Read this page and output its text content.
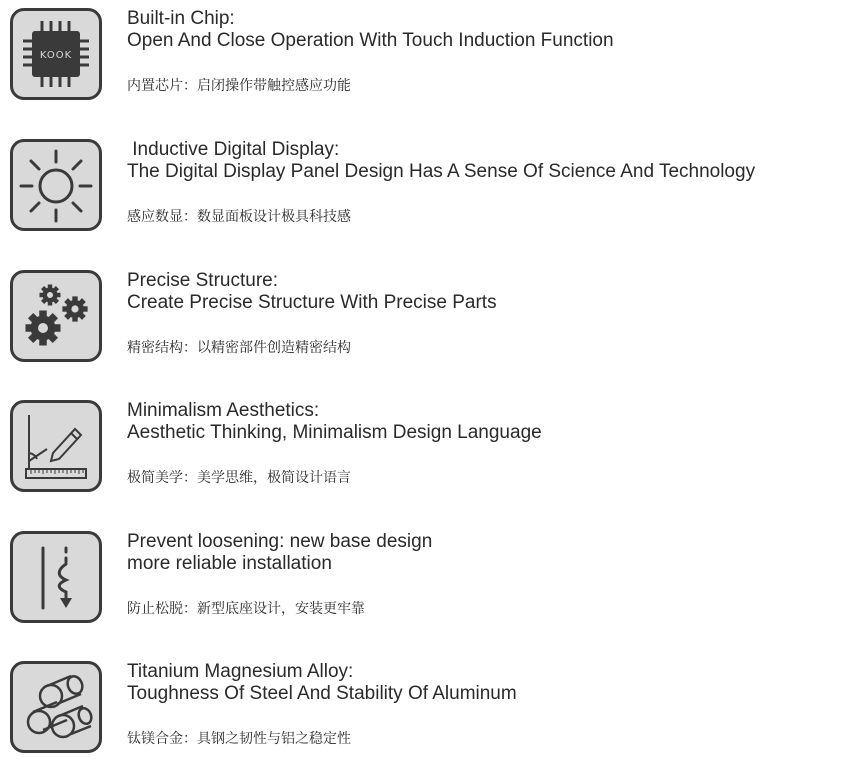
KOOK
Built-in Chip:
Open And Close Operation With Touch Induction Function
内置芯片：启闭操作带触控感应功能
Inductive Digital Display:
The Digital Display Panel Design Has A Sense Of Science And Technology
感应数显：数显面板设计极具科技感
Precise Structure:
Create Precise Structure With Precise Parts
精密结构：以精密部件创造精密结构
Minimalism Aesthetics:
Aesthetic Thinking, Minimalism Design Language
极简美学：美学思维，极简设计语言
Prevent loosening: new base design
more reliable installation
防止松脱：新型底座设计，安装更牢靠
Titanium Magnesium Alloy:
Toughness Of Steel And Stability Of Aluminum
钛镁合金：具钢之韧性与铝之稳定性
